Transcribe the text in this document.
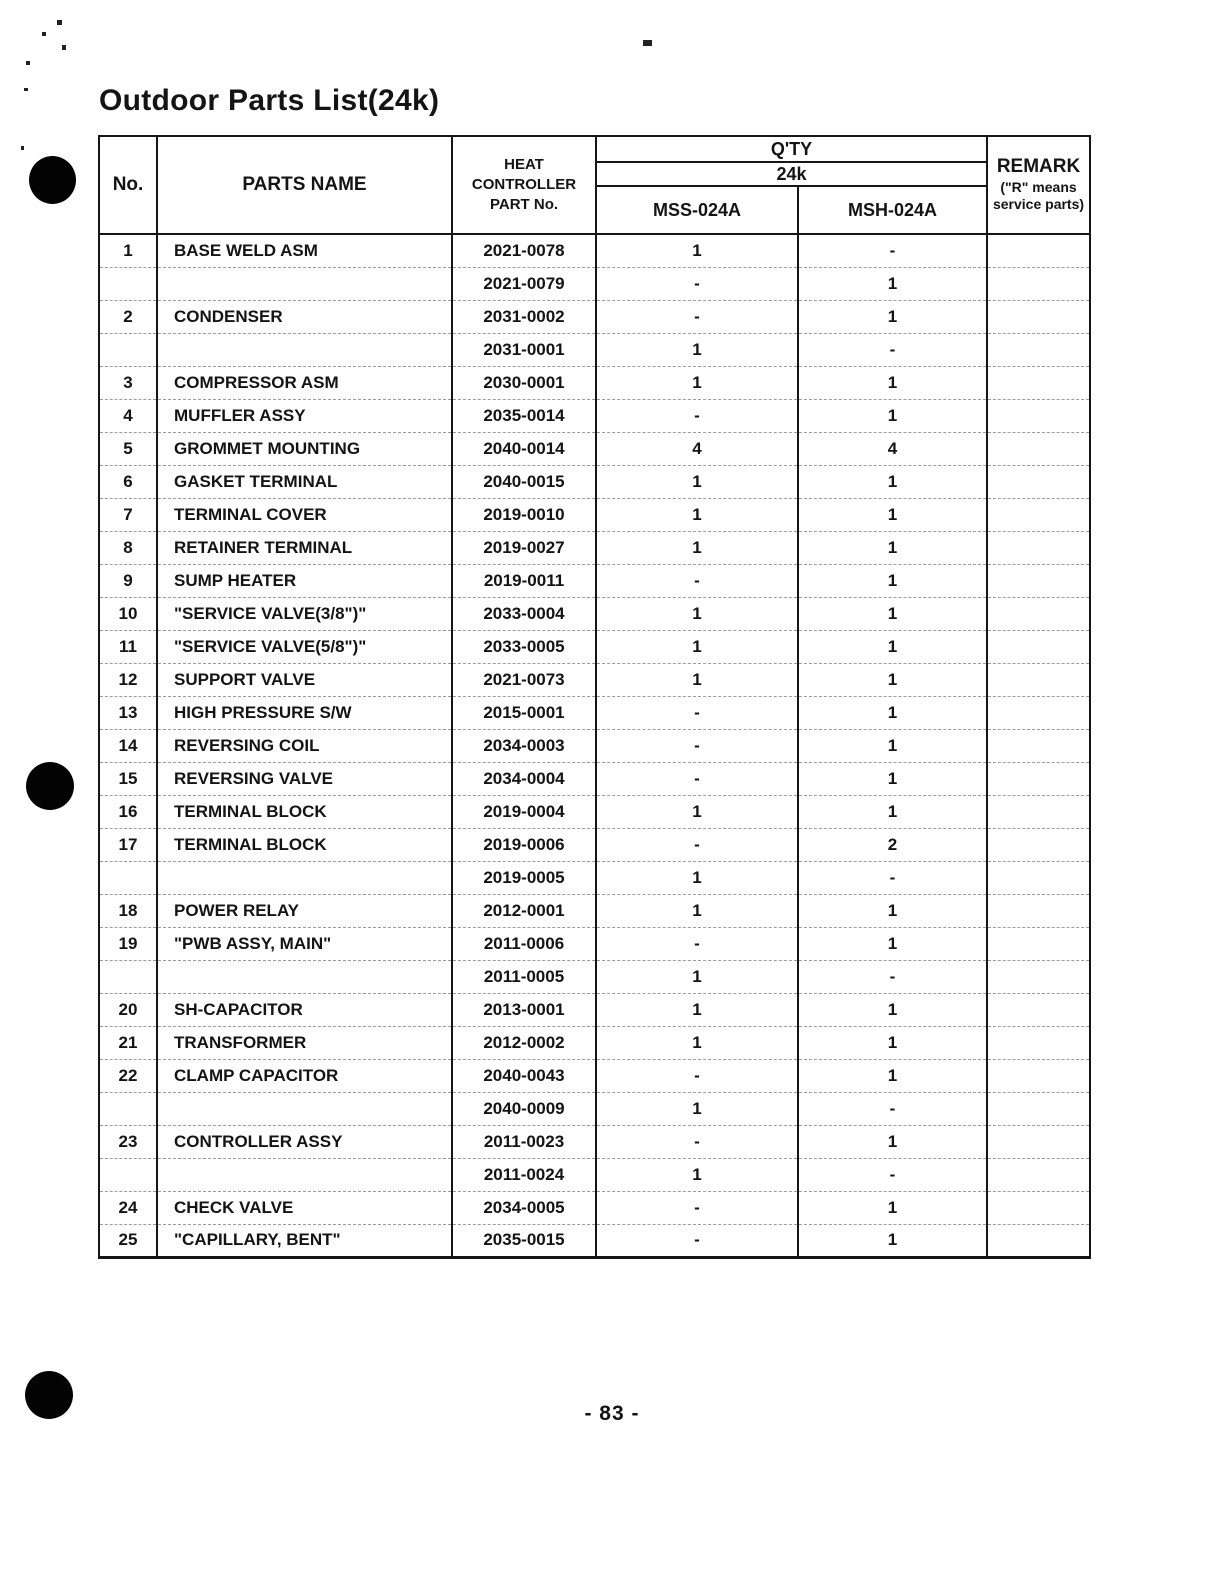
Outdoor Parts List(24k)
No.	PARTS NAME	HEAT
CONTROLLER
PART No.	Q'TY		REMARK
("R" means
service parts)

			24k		
			MSS-024A	MSH-024A	
1	BASE WELD ASM	2021-0078	1	-	
		2021-0079	-	1	
2	CONDENSER	2031-0002	-	1	
		2031-0001	1	-	
3	COMPRESSOR ASM	2030-0001	1	1	
4	MUFFLER ASSY	2035-0014	-	1	
5	GROMMET MOUNTING	2040-0014	4	4	
6	GASKET TERMINAL	2040-0015	1	1	
7	TERMINAL COVER	2019-0010	1	1	
8	RETAINER TERMINAL	2019-0027	1	1	
9	SUMP HEATER	2019-0011	-	1	
10	"SERVICE VALVE(3/8")"	2033-0004	1	1	
11	"SERVICE VALVE(5/8")"	2033-0005	1	1	
12	SUPPORT VALVE	2021-0073	1	1	
13	HIGH PRESSURE S/W	2015-0001	-	1	
14	REVERSING COIL	2034-0003	-	1	
15	REVERSING VALVE	2034-0004	-	1	
16	TERMINAL BLOCK	2019-0004	1	1	
17	TERMINAL BLOCK	2019-0006	-	2	
		2019-0005	1	-	
18	POWER RELAY	2012-0001	1	1	
19	"PWB ASSY, MAIN"	2011-0006	-	1	
		2011-0005	1	-	
20	SH-CAPACITOR	2013-0001	1	1	
21	TRANSFORMER	2012-0002	1	1	
22	CLAMP CAPACITOR	2040-0043	-	1	
		2040-0009	1	-	
23	CONTROLLER ASSY	2011-0023	-	1	
		2011-0024	1	-	
24	CHECK VALVE	2034-0005	-	1	
25	"CAPILLARY, BENT"	2035-0015	-	1	
- 83 -
